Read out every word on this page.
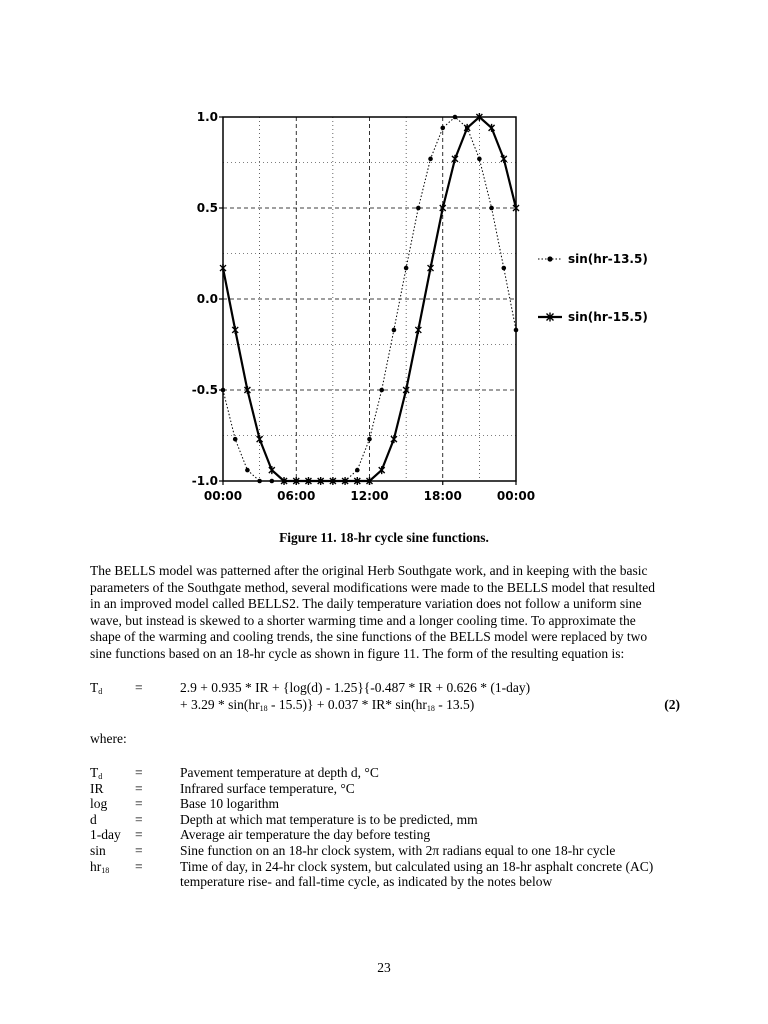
1.0
0.5
0.0
-0.5
-1.0
00:00	06:00	12:00	18:00	00:00
sin(hr-13.5)
sin(hr-15.5)
Figure 11. 18-hr cycle sine functions.
The BELLS model was patterned after the original Herb Southgate work, and in keeping with the basic
parameters of the Southgate method, several modifications were made to the BELLS model that resulted
in an improved model called BELLS2. The daily temperature variation does not follow a uniform sine
wave, but instead is skewed to a shorter warming time and a longer cooling time. To approximate the
shape of the warming and cooling trends, the sine functions of the BELLS model were replaced by two
sine functions based on an 18-hr cycle as shown in figure 11. The form of the resulting equation is:
$T_d$ =	2.9 + 0.935 * IR + {log(d) - 1.25}{-0.487 * IR + 0.626 * (1-day)
+ $3.29 * \sin(hr_{18} - 15.5)\} + 0.037 * IR*$ $\sin(hr_{18} - 13.5)$	(2)
where:
$T_d$ =	Pavement temperature at depth d, °C
IR =	Infrared surface temperature, °C
log =	Base 10 logarithm
d	=	Depth at which mat temperature is to be predicted, mm
1-day =	Average air temperature the day before testing
sin =	Sine function on an 18-hr clock system, with 2π radians equal to one 18-hr cycle
$hr_{18}$ =	Time of day, in 24-hr clock system, but calculated using an 18-hr asphalt concrete (AC)
temperature rise- and fall-time cycle, as indicated by the notes below
23
